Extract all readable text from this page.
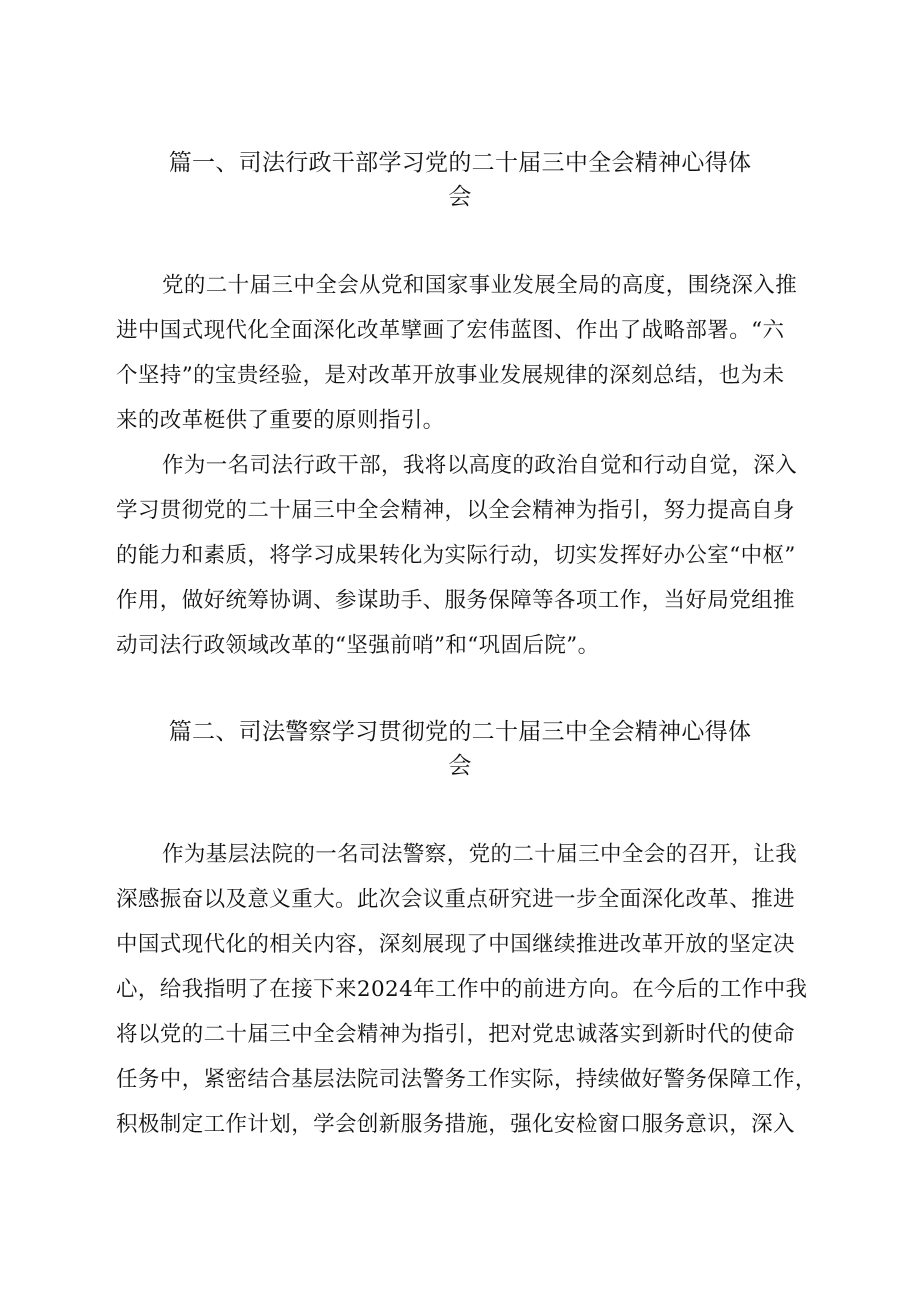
篇一、司法行政干部学习党的二十届三中全会精神心得体
会
党的二十届三中全会从党和国家事业发展全局的高度，围绕深入推
进中国式现代化全面深化改革擘画了宏伟蓝图、作出了战略部署。“六
个坚持”的宝贵经验，是对改革开放事业发展规律的深刻总结，也为未
来的改革梃供了重要的原则指引。
作为一名司法行政干部，我将以高度的政治自觉和行动自觉，深入
学习贯彻党的二十届三中全会精神，以全会精神为指引，努力提高自身
的能力和素质，将学习成果转化为实际行动，切实发挥好办公室“中枢”
作用，做好统筹协调、参谋助手、服务保障等各项工作，当好局党组推
动司法行政领域改革的“坚强前哨”和“巩固后院”。
篇二、司法警察学习贯彻党的二十届三中全会精神心得体
会
作为基层法院的一名司法警察，党的二十届三中全会的召开，让我
深感振奋以及意义重大。此次会议重点研究进一步全面深化改革、推进
中国式现代化的相关内容，深刻展现了中国继续推进改革开放的坚定决
心，给我指明了在接下来2024年工作中的前进方向。在今后的工作中我
将以党的二十届三中全会精神为指引，把对党忠诚落实到新时代的使命
任务中，紧密结合基层法院司法警务工作实际，持续做好警务保障工作，
积极制定工作计划，学会创新服务措施，强化安检窗口服务意识，深入
